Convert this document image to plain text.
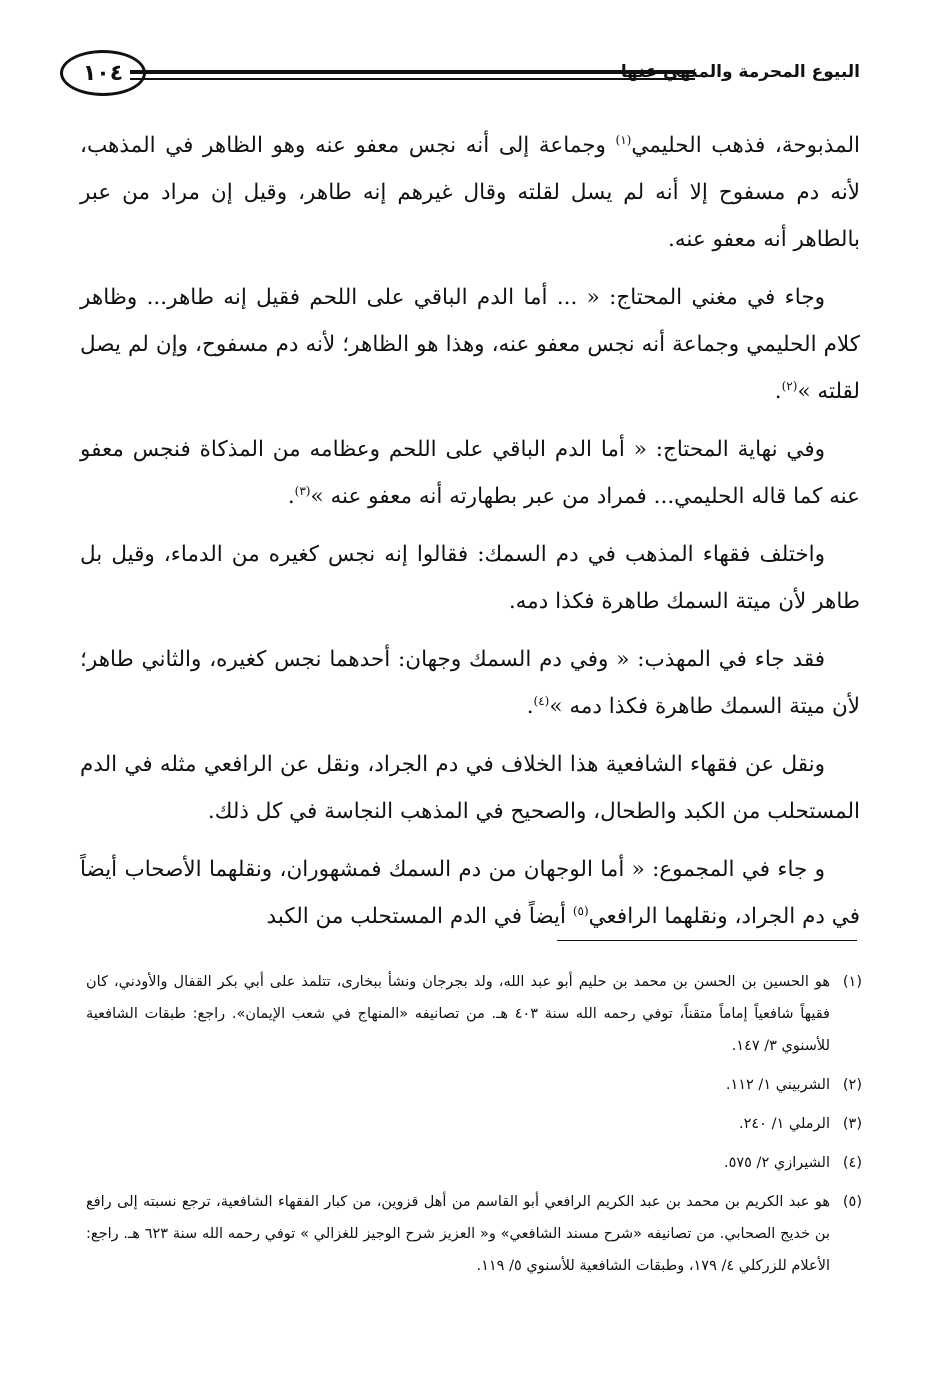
١٠٤	البيوع المحرمة والمنهي عنها

المذبوحة، فذهب الحليمي$^{(١)}$ وجماعة إلى أنه نجس معفو عنه وهو الظاهر في المذهب، لأنه دم مسفوح إلا أنه لم يسل لقلته وقال غيرهم إنه طاهر، وقيل إن مراد من عبر بالطاهر أنه معفو عنه.

وجاء في مغني المحتاج: « ... أما الدم الباقي على اللحم فقيل إنه طاهر... وظاهر كلام الحليمي وجماعة أنه نجس معفو عنه، وهذا هو الظاهر؛ لأنه دم مسفوح، وإن لم يصل لقلته »$^{(٢)}$.

وفي نهاية المحتاج: « أما الدم الباقي على اللحم وعظامه من المذكاة فنجس معفو عنه كما قاله الحليمي... فمراد من عبر بطهارته أنه معفو عنه »$^{(٣)}$.

واختلف فقهاء المذهب في دم السمك: فقالوا إنه نجس كغيره من الدماء، وقيل بل طاهر لأن ميتة السمك طاهرة فكذا دمه.

فقد جاء في المهذب: « وفي دم السمك وجهان: أحدهما نجس كغيره، والثاني طاهر؛ لأن ميتة السمك طاهرة فكذا دمه »$^{(٤)}$.

ونقل عن فقهاء الشافعية هذا الخلاف في دم الجراد، ونقل عن الرافعي مثله في الدم المستحلب من الكبد والطحال، والصحيح في المذهب النجاسة في كل ذلك.

و جاء في المجموع: « أما الوجهان من دم السمك فمشهوران، ونقلهما الأصحاب أيضاً في دم الجراد، ونقلهما الرافعي$^{(٥)}$ أيضاً في الدم المستحلب من الكبد

(١)هو الحسين بن الحسن بن محمد بن حليم أبو عبد الله، ولد بجرجان ونشأ ببخارى، تتلمذ على أبي بكر القفال والأودني، كان فقيهاً شافعياً إماماً متقناً، توفي رحمه الله سنة ٤٠٣ هـ. من تصانيفه «المنهاج في شعب الإيمان». راجع: طبقات الشافعية للأسنوي ٣/ ١٤٧.

(٢)الشربيني ١/ ١١٢.

(٣)الرملي ١/ ٢٤٠.

(٤)الشيرازي ٢/ ٥٧٥.

(٥)هو عبد الكريم بن محمد بن عبد الكريم الرافعي أبو القاسم من أهل قزوين، من كبار الفقهاء الشافعية، ترجع نسبته إلى رافع بن خديج الصحابي. من تصانيفه «شرح مسند الشافعي» و« العزيز شرح الوجيز للغزالي » توفي رحمه الله سنة ٦٢٣ هـ. راجع: الأعلام للزركلي ٤/ ١٧٩، وطبقات الشافعية للأسنوي ٥/ ١١٩.
